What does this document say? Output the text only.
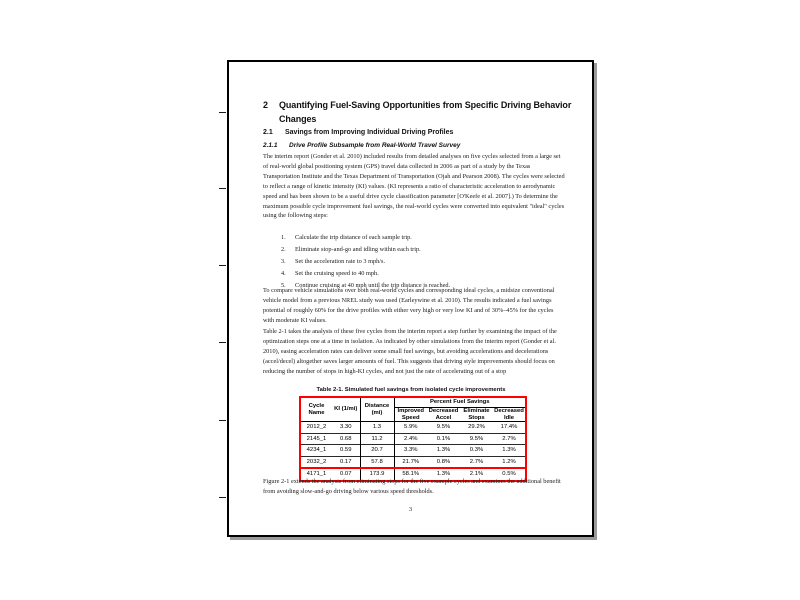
2	Quantifying Fuel-Saving Opportunities from Specific Driving Behavior Changes
2.1	Savings from Improving Individual Driving Profiles
2.1.1	Drive Profile Subsample from Real-World Travel Survey
The interim report (Gonder et al. 2010) included results from detailed analyses on five cycles selected from a large set of real-world global positioning system (GPS) travel data collected in 2006 as part of a study by the Texas Transportation Institute and the Texas Department of Transportation (Ojah and Pearson 2008). The cycles were selected to reflect a range of kinetic intensity (KI) values. (KI represents a ratio of characteristic acceleration to aerodynamic speed and has been shown to be a useful drive cycle classification parameter [O'Keefe et al. 2007].) To determine the maximum possible cycle improvement fuel savings, the real-world cycles were converted into equivalent "ideal" cycles using the following steps:
1.	Calculate the trip distance of each sample trip.
2.	Eliminate stop-and-go and idling within each trip.
3.	Set the acceleration rate to 3 mph/s.
4.	Set the cruising speed to 40 mph.
5.	Continue cruising at 40 mph until the trip distance is reached.
To compare vehicle simulations over both real-world cycles and corresponding ideal cycles, a midsize conventional vehicle model from a previous NREL study was used (Earleywine et al. 2010). The results indicated a fuel savings potential of roughly 60% for the drive profiles with either very high or very low KI and of 30%–45% for the cycles with moderate KI values.
Table 2-1 takes the analysis of these five cycles from the interim report a step further by examining the impact of the optimization steps one at a time in isolation. As indicated by other simulations from the interim report (Gonder et al. 2010), easing acceleration rates can deliver some small fuel savings, but avoiding accelerations and decelerations (accel/decel) altogether saves larger amounts of fuel. This suggests that driving style improvements should focus on reducing the number of stops in high-KI cycles, and not just the rate of accelerating out of a stop
Table 2-1. Simulated fuel savings from isolated cycle improvements
Cycle Name	KI (1/mi)	Distance (mi)	Percent Fuel Savings			
			Improved Speed	Decreased Accel	Eliminate Stops	Decreased Idle
2012_2	3.30	1.3	5.9%	9.5%	29.2%	17.4%
2145_1	0.68	11.2	2.4%	0.1%	9.5%	2.7%
4234_1	0.59	20.7	3.3%	1.3%	0.3%	1.3%
2032_2	0.17	57.8	21.7%	0.8%	2.7%	1.2%
4171_1	0.07	173.9	58.1%	1.3%	2.1%	0.5%
Figure 2-1 extends the analysis from eliminating stops for the five example cycles and examines the additional benefit from avoiding slow-and-go driving below various speed thresholds.
3
